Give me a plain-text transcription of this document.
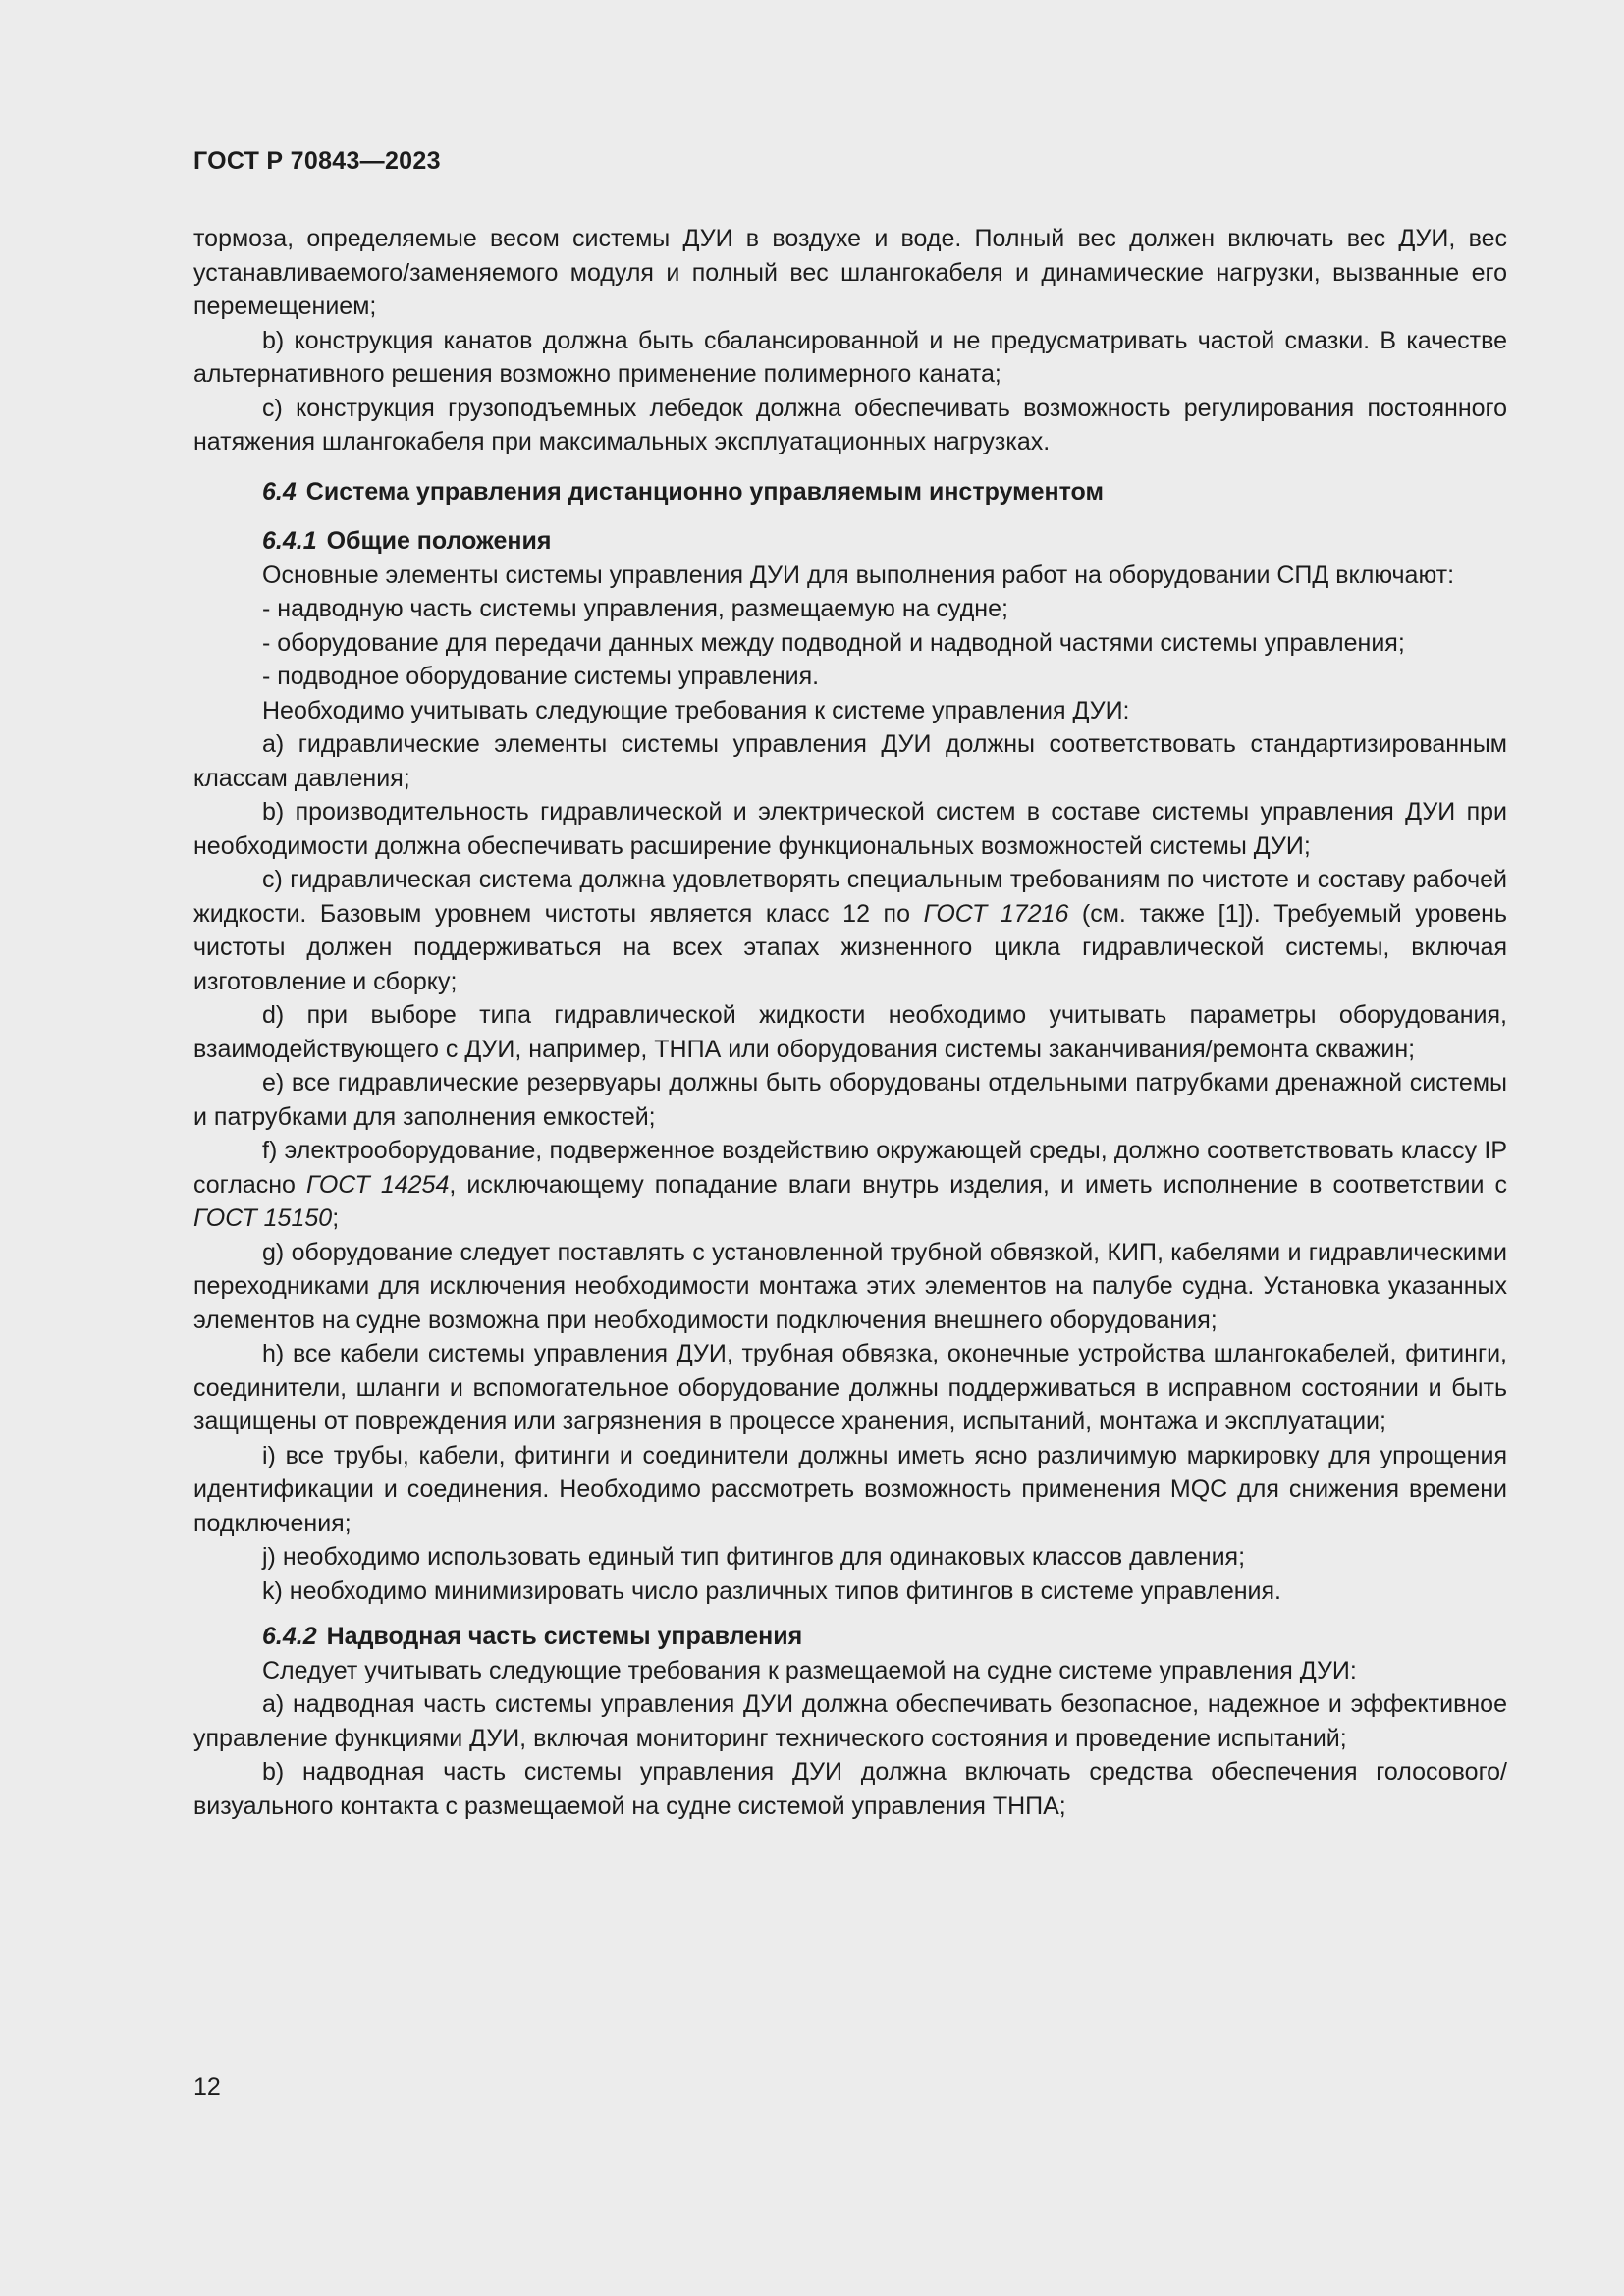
ГОСТ Р 70843—2023

тормоза, определяемые весом системы ДУИ в воздухе и воде. Полный вес должен включать вес ДУИ, вес устанавливаемого/заменяемого модуля и полный вес шлангокабеля и динамические нагрузки, вызванные его перемещением;

b) конструкция канатов должна быть сбалансированной и не предусматривать частой смазки. В качестве альтернативного решения возможно применение полимерного каната;

c) конструкция грузоподъемных лебедок должна обеспечивать возможность регулирования постоянного натяжения шлангокабеля при максимальных эксплуатационных нагрузках.

6.4 Система управления дистанционно управляемым инструментом

6.4.1 Общие положения

Основные элементы системы управления ДУИ для выполнения работ на оборудовании СПД включают:

- надводную часть системы управления, размещаемую на судне;

- оборудование для передачи данных между подводной и надводной частями системы управления;

- подводное оборудование системы управления.

Необходимо учитывать следующие требования к системе управления ДУИ:

a) гидравлические элементы системы управления ДУИ должны соответствовать стандартизированным классам давления;

b) производительность гидравлической и электрической систем в составе системы управления ДУИ при необходимости должна обеспечивать расширение функциональных возможностей системы ДУИ;

c) гидравлическая система должна удовлетворять специальным требованиям по чистоте и составу рабочей жидкости. Базовым уровнем чистоты является класс 12 по ГОСТ 17216 (см. также [1]). Требуемый уровень чистоты должен поддерживаться на всех этапах жизненного цикла гидравлической системы, включая изготовление и сборку;

d) при выборе типа гидравлической жидкости необходимо учитывать параметры оборудования, взаимодействующего с ДУИ, например, ТНПА или оборудования системы заканчивания/ремонта скважин;

e) все гидравлические резервуары должны быть оборудованы отдельными патрубками дренажной системы и патрубками для заполнения емкостей;

f) электрооборудование, подверженное воздействию окружающей среды, должно соответствовать классу IP согласно ГОСТ 14254, исключающему попадание влаги внутрь изделия, и иметь исполнение в соответствии с ГОСТ 15150;

g) оборудование следует поставлять с установленной трубной обвязкой, КИП, кабелями и гидравлическими переходниками для исключения необходимости монтажа этих элементов на палубе судна. Установка указанных элементов на судне возможна при необходимости подключения внешнего оборудования;

h) все кабели системы управления ДУИ, трубная обвязка, оконечные устройства шлангокабелей, фитинги, соединители, шланги и вспомогательное оборудование должны поддерживаться в исправном состоянии и быть защищены от повреждения или загрязнения в процессе хранения, испытаний, монтажа и эксплуатации;

i) все трубы, кабели, фитинги и соединители должны иметь ясно различимую маркировку для упрощения идентификации и соединения. Необходимо рассмотреть возможность применения MQC для снижения времени подключения;

j) необходимо использовать единый тип фитингов для одинаковых классов давления;

k) необходимо минимизировать число различных типов фитингов в системе управления.

6.4.2 Надводная часть системы управления

Следует учитывать следующие требования к размещаемой на судне системе управления ДУИ:

a) надводная часть системы управления ДУИ должна обеспечивать безопасное, надежное и эффективное управление функциями ДУИ, включая мониторинг технического состояния и проведение испытаний;

b) надводная часть системы управления ДУИ должна включать средства обеспечения голосового/визуального контакта с размещаемой на судне системой управления ТНПА;

12
